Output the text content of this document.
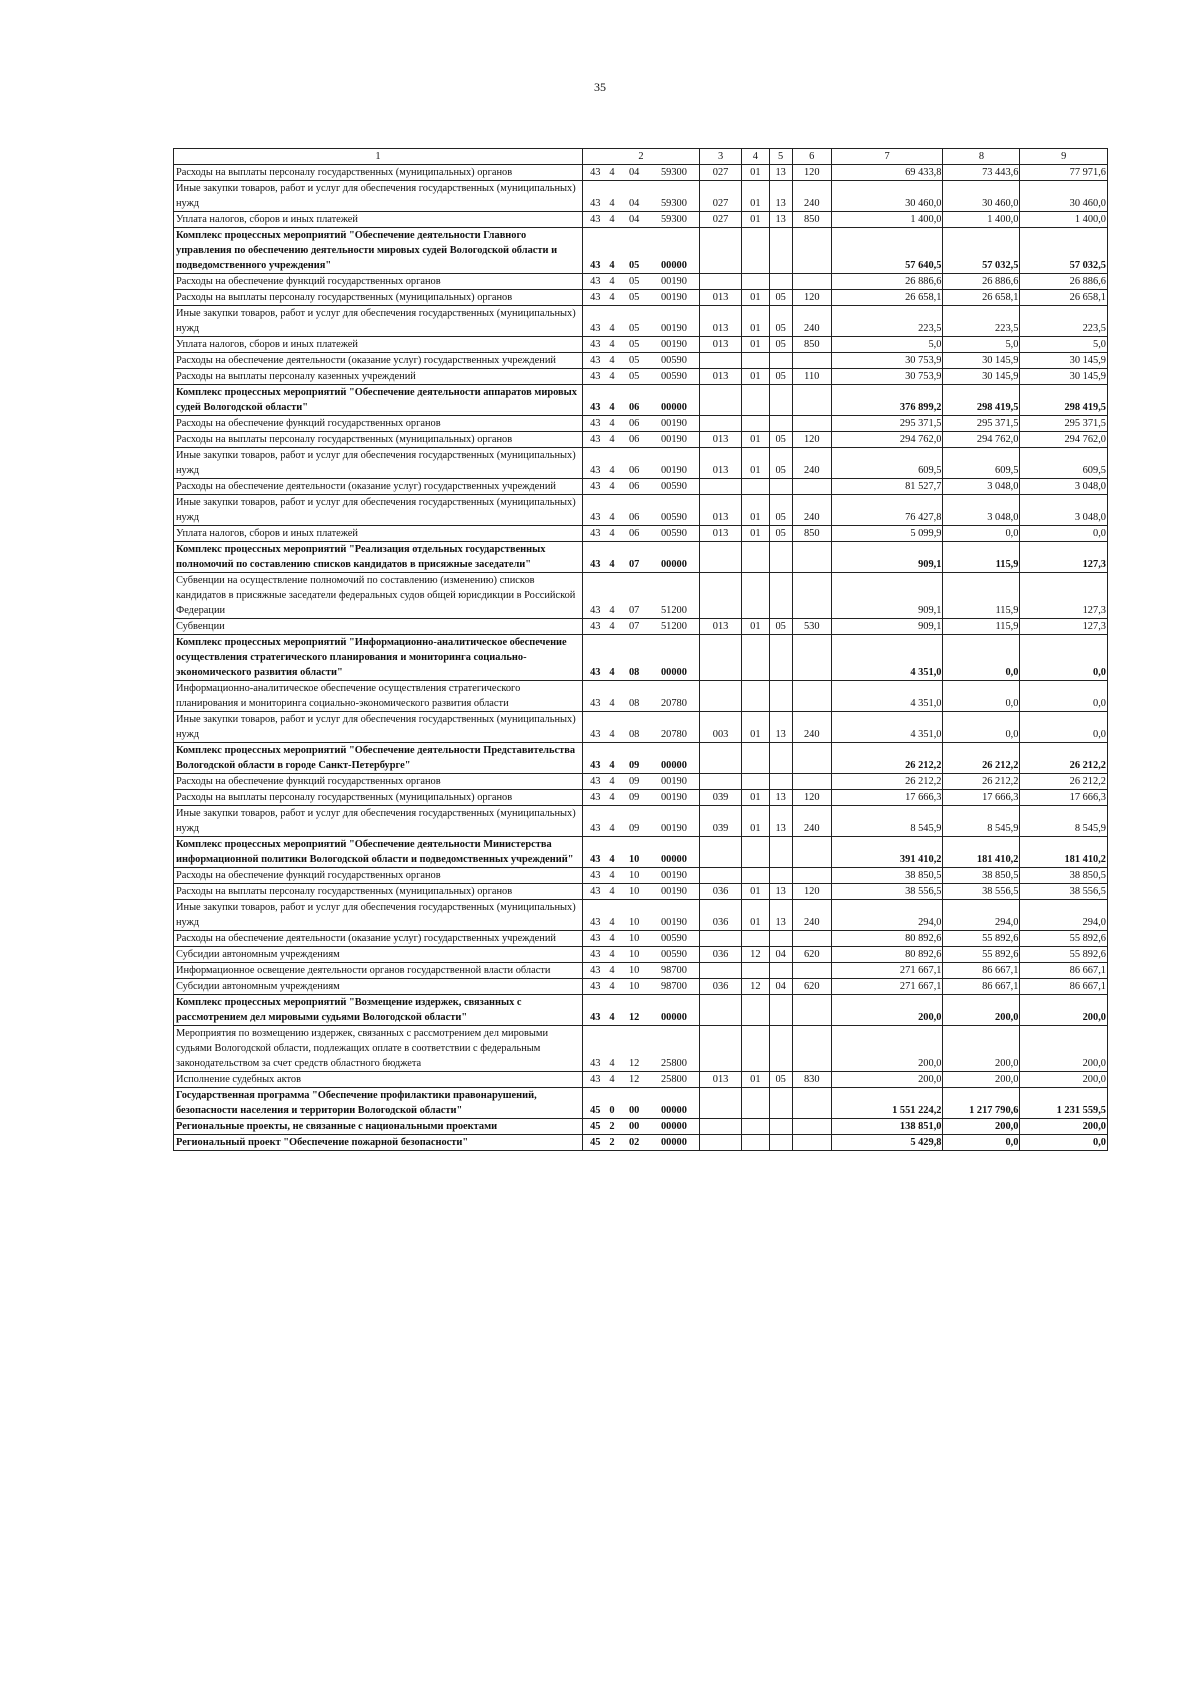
35
1	2				3	4	5	6	7	8	9
Расходы на выплаты персоналу государственных (муниципальных) органов	43	4	04	59300	027	01	13	120	69 433,8	73 443,6	77 971,6
Иные закупки товаров, работ и услуг для обеспечения государственных (муниципальных) нужд	43	4	04	59300	027	01	13	240	30 460,0	30 460,0	30 460,0
Уплата налогов, сборов и иных платежей	43	4	04	59300	027	01	13	850	1 400,0	1 400,0	1 400,0
Комплекс процессных мероприятий "Обеспечение деятельности Главного управления по обеспечению деятельности мировых судей Вологодской области и подведомственного учреждения"	43	4	05	00000					57 640,5	57 032,5	57 032,5
Расходы на обеспечение функций государственных органов	43	4	05	00190					26 886,6	26 886,6	26 886,6
Расходы на выплаты персоналу государственных (муниципальных) органов	43	4	05	00190	013	01	05	120	26 658,1	26 658,1	26 658,1
Иные закупки товаров, работ и услуг для обеспечения государственных (муниципальных) нужд	43	4	05	00190	013	01	05	240	223,5	223,5	223,5
Уплата налогов, сборов и иных платежей	43	4	05	00190	013	01	05	850	5,0	5,0	5,0
Расходы на обеспечение деятельности (оказание услуг) государственных учреждений	43	4	05	00590					30 753,9	30 145,9	30 145,9
Расходы на выплаты персоналу казенных учреждений	43	4	05	00590	013	01	05	110	30 753,9	30 145,9	30 145,9
Комплекс процессных мероприятий "Обеспечение деятельности аппаратов мировых судей Вологодской области"	43	4	06	00000					376 899,2	298 419,5	298 419,5
Расходы на обеспечение функций государственных органов	43	4	06	00190					295 371,5	295 371,5	295 371,5
Расходы на выплаты персоналу государственных (муниципальных) органов	43	4	06	00190	013	01	05	120	294 762,0	294 762,0	294 762,0
Иные закупки товаров, работ и услуг для обеспечения государственных (муниципальных) нужд	43	4	06	00190	013	01	05	240	609,5	609,5	609,5
Расходы на обеспечение деятельности (оказание услуг) государственных учреждений	43	4	06	00590					81 527,7	3 048,0	3 048,0
Иные закупки товаров, работ и услуг для обеспечения государственных (муниципальных) нужд	43	4	06	00590	013	01	05	240	76 427,8	3 048,0	3 048,0
Уплата налогов, сборов и иных платежей	43	4	06	00590	013	01	05	850	5 099,9	0,0	0,0
Комплекс процессных мероприятий "Реализация отдельных государственных полномочий по составлению списков кандидатов в присяжные заседатели"	43	4	07	00000					909,1	115,9	127,3
Субвенции на осуществление полномочий по составлению (изменению) списков кандидатов в присяжные заседатели федеральных судов общей юрисдикции в Российской Федерации	43	4	07	51200					909,1	115,9	127,3
Субвенции	43	4	07	51200	013	01	05	530	909,1	115,9	127,3
Комплекс процессных мероприятий "Информационно-аналитическое обеспечение осуществления стратегического планирования и мониторинга социально-экономического развития области"	43	4	08	00000					4 351,0	0,0	0,0
Информационно-аналитическое обеспечение осуществления стратегического планирования и мониторинга социально-экономического развития области	43	4	08	20780					4 351,0	0,0	0,0
Иные закупки товаров, работ и услуг для обеспечения государственных (муниципальных) нужд	43	4	08	20780	003	01	13	240	4 351,0	0,0	0,0
Комплекс процессных мероприятий "Обеспечение деятельности Представительства Вологодской области в городе Санкт-Петербурге"	43	4	09	00000					26 212,2	26 212,2	26 212,2
Расходы на обеспечение функций государственных органов	43	4	09	00190					26 212,2	26 212,2	26 212,2
Расходы на выплаты персоналу государственных (муниципальных) органов	43	4	09	00190	039	01	13	120	17 666,3	17 666,3	17 666,3
Иные закупки товаров, работ и услуг для обеспечения государственных (муниципальных) нужд	43	4	09	00190	039	01	13	240	8 545,9	8 545,9	8 545,9
Комплекс процессных мероприятий "Обеспечение деятельности Министерства информационной политики Вологодской области и подведомственных учреждений"	43	4	10	00000					391 410,2	181 410,2	181 410,2
Расходы на обеспечение функций государственных органов	43	4	10	00190					38 850,5	38 850,5	38 850,5
Расходы на выплаты персоналу государственных (муниципальных) органов	43	4	10	00190	036	01	13	120	38 556,5	38 556,5	38 556,5
Иные закупки товаров, работ и услуг для обеспечения государственных (муниципальных) нужд	43	4	10	00190	036	01	13	240	294,0	294,0	294,0
Расходы на обеспечение деятельности (оказание услуг) государственных учреждений	43	4	10	00590					80 892,6	55 892,6	55 892,6
Субсидии автономным учреждениям	43	4	10	00590	036	12	04	620	80 892,6	55 892,6	55 892,6
Информационное освещение деятельности органов государственной власти области	43	4	10	98700					271 667,1	86 667,1	86 667,1
Субсидии автономным учреждениям	43	4	10	98700	036	12	04	620	271 667,1	86 667,1	86 667,1
Комплекс процессных мероприятий "Возмещение издержек, связанных с рассмотрением дел мировыми судьями Вологодской области"	43	4	12	00000					200,0	200,0	200,0
Мероприятия по возмещению издержек, связанных с рассмотрением дел мировыми судьями Вологодской области, подлежащих оплате в соответствии с федеральным законодательством за счет средств областного бюджета	43	4	12	25800					200,0	200,0	200,0
Исполнение судебных актов	43	4	12	25800	013	01	05	830	200,0	200,0	200,0
Государственная программа "Обеспечение профилактики правонарушений, безопасности населения и территории Вологодской области"	45	0	00	00000					1 551 224,2	1 217 790,6	1 231 559,5
Региональные проекты, не связанные с национальными проектами	45	2	00	00000					138 851,0	200,0	200,0
Региональный проект "Обеспечение пожарной безопасности"	45	2	02	00000					5 429,8	0,0	0,0
